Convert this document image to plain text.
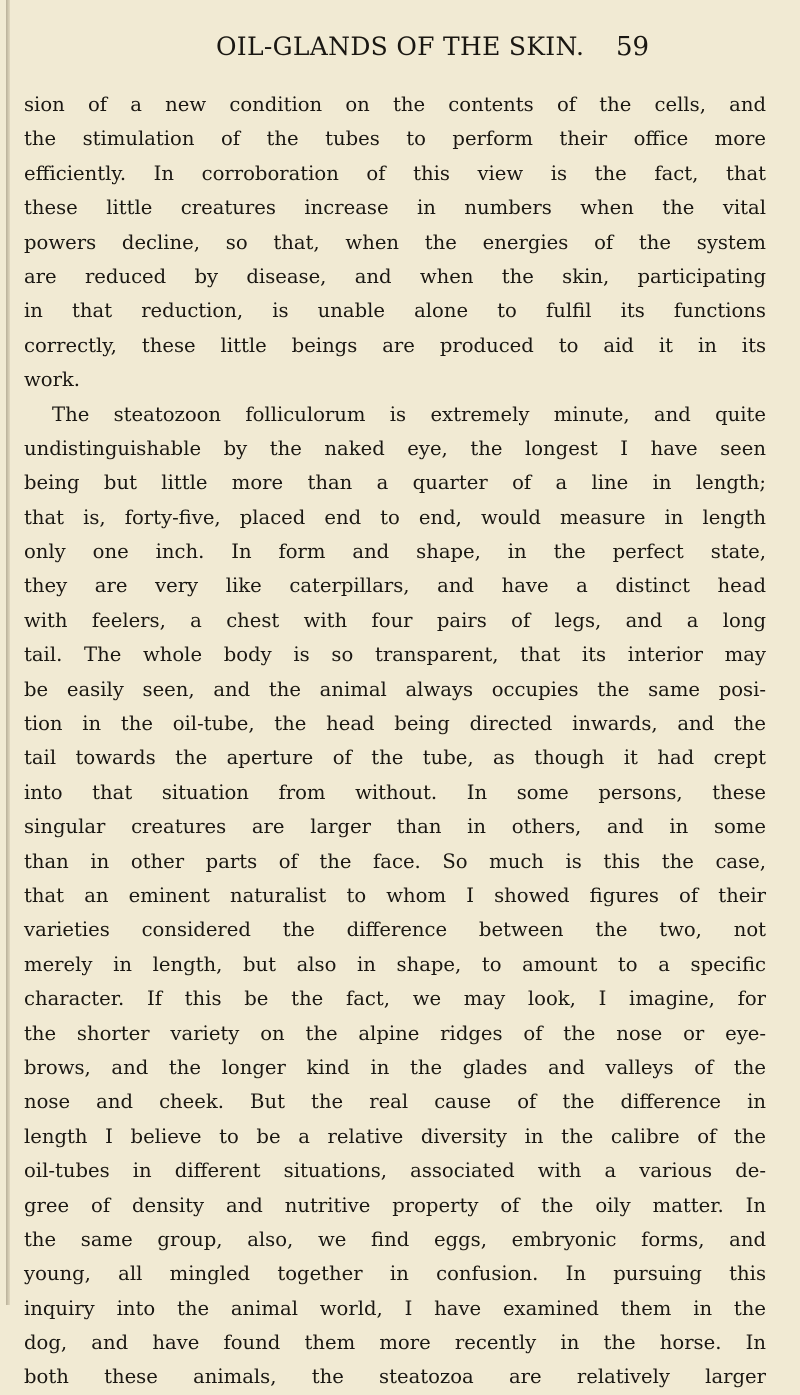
OIL-GLANDS OF THE SKIN. 59
sion of a new condition on the contents of the cells, and
the stimulation of the tubes to perform their office more
efficiently. In corroboration of this view is the fact, that
these little creatures increase in numbers when the vital
powers decline, so that, when the energies of the system
are reduced by disease, and when the skin, participating
in that reduction, is unable alone to fulfil its functions
correctly, these little beings are produced to aid it in its
work.
The steatozoon folliculorum is extremely minute, and quite
undistinguishable by the naked eye, the longest I have seen
being but little more than a quarter of a line in length;
that is, forty-five, placed end to end, would measure in length
only one inch. In form and shape, in the perfect state,
they are very like caterpillars, and have a distinct head
with feelers, a chest with four pairs of legs, and a long
tail. The whole body is so transparent, that its interior may
be easily seen, and the animal always occupies the same posi-
tion in the oil-tube, the head being directed inwards, and the
tail towards the aperture of the tube, as though it had crept
into that situation from without. In some persons, these
singular creatures are larger than in others, and in some
than in other parts of the face. So much is this the case,
that an eminent naturalist to whom I showed figures of their
varieties considered the difference between the two, not
merely in length, but also in shape, to amount to a specific
character. If this be the fact, we may look, I imagine, for
the shorter variety on the alpine ridges of the nose or eye-
brows, and the longer kind in the glades and valleys of the
nose and cheek. But the real cause of the difference in
length I believe to be a relative diversity in the calibre of the
oil-tubes in different situations, associated with a various de-
gree of density and nutritive property of the oily matter. In
the same group, also, we find eggs, embryonic forms, and
young, all mingled together in confusion. In pursuing this
inquiry into the animal world, I have examined them in the
dog, and have found them more recently in the horse. In
both these animals, the steatozoa are relatively larger
